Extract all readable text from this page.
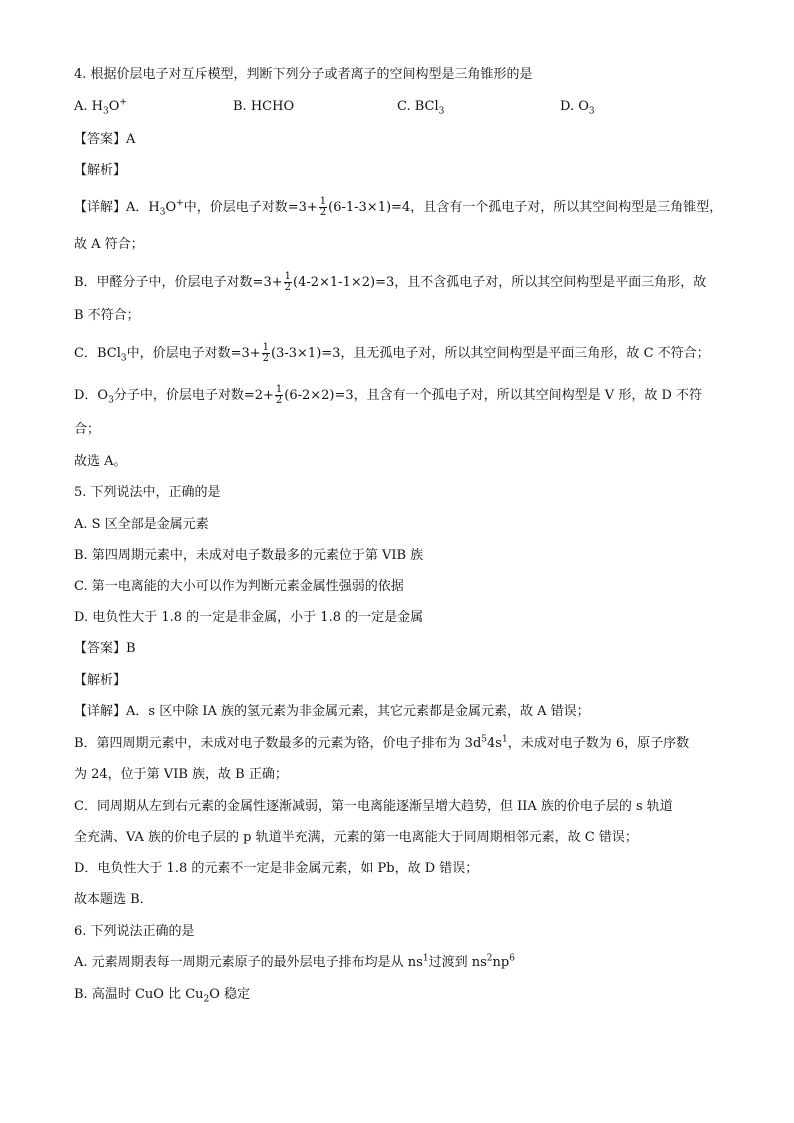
4. 根据价层电子对互斥模型，判断下列分子或者离子的空间构型是三角锥形的是
A. $H_3O^+$	B. HCHO	C. BCl$_3$	D. $O_3$
【答案】A
【解析】
【详解】A．$H_3O^+$中，价层电子对数$=3+ \frac{1}{2} (6-1-3\times 1)=4$，且含有一个孤电子对，所以其空间构型是三角锥型，
故 A 符合；
B．甲醛分子中，价层电子对数$=3+ \frac{1}{2} (4-2\times 1-1\times 2)=3$，且不含孤电子对，所以其空间构型是平面三角形，故
B 不符合；
C．BCl$_3$中，价层电子对数$=3+ \frac{1}{2} (3-3\times 1)=3$，且无孤电子对，所以其空间构型是平面三角形，故 C 不符合；
D．$O_3$分子中，价层电子对数$=2+ \frac{1}{2} (6-2\times 2)=3$，且含有一个孤电子对，所以其空间构型是 V 形，故 D 不符
合；
故选 A。
5. 下列说法中，正确的是
A. S 区全部是金属元素
B. 第四周期元素中，未成对电子数最多的元素位于第 VIB 族
C. 第一电离能的大小可以作为判断元素金属性强弱的依据
D. 电负性大于 1.8 的一定是非金属，小于 1.8 的一定是金属
【答案】B
【解析】
【详解】A．s 区中除 IA 族的氢元素为非金属元素，其它元素都是金属元素，故 A 错误；
B．第四周期元素中，未成对电子数最多的元素为铬，价电子排布为 $3d^54s^1$，未成对电子数为 6，原子序数
为 24，位于第 VIB 族，故 B 正确；
C．同周期从左到右元素的金属性逐渐减弱，第一电离能逐渐呈增大趋势，但 IIA 族的价电子层的 s 轨道
全充满、VA 族的价电子层的 p 轨道半充满，元素的第一电离能大于同周期相邻元素，故 C 错误；
D．电负性大于 1.8 的元素不一定是非金属元素，如 Pb，故 D 错误；
故本题选 B．
6. 下列说法正确的是
A. 元素周期表每一周期元素原子的最外层电子排布均是从 $ns^1$过渡到 $ns^2np^6$
B. 高温时 CuO 比 $Cu_2O$ 稳定
